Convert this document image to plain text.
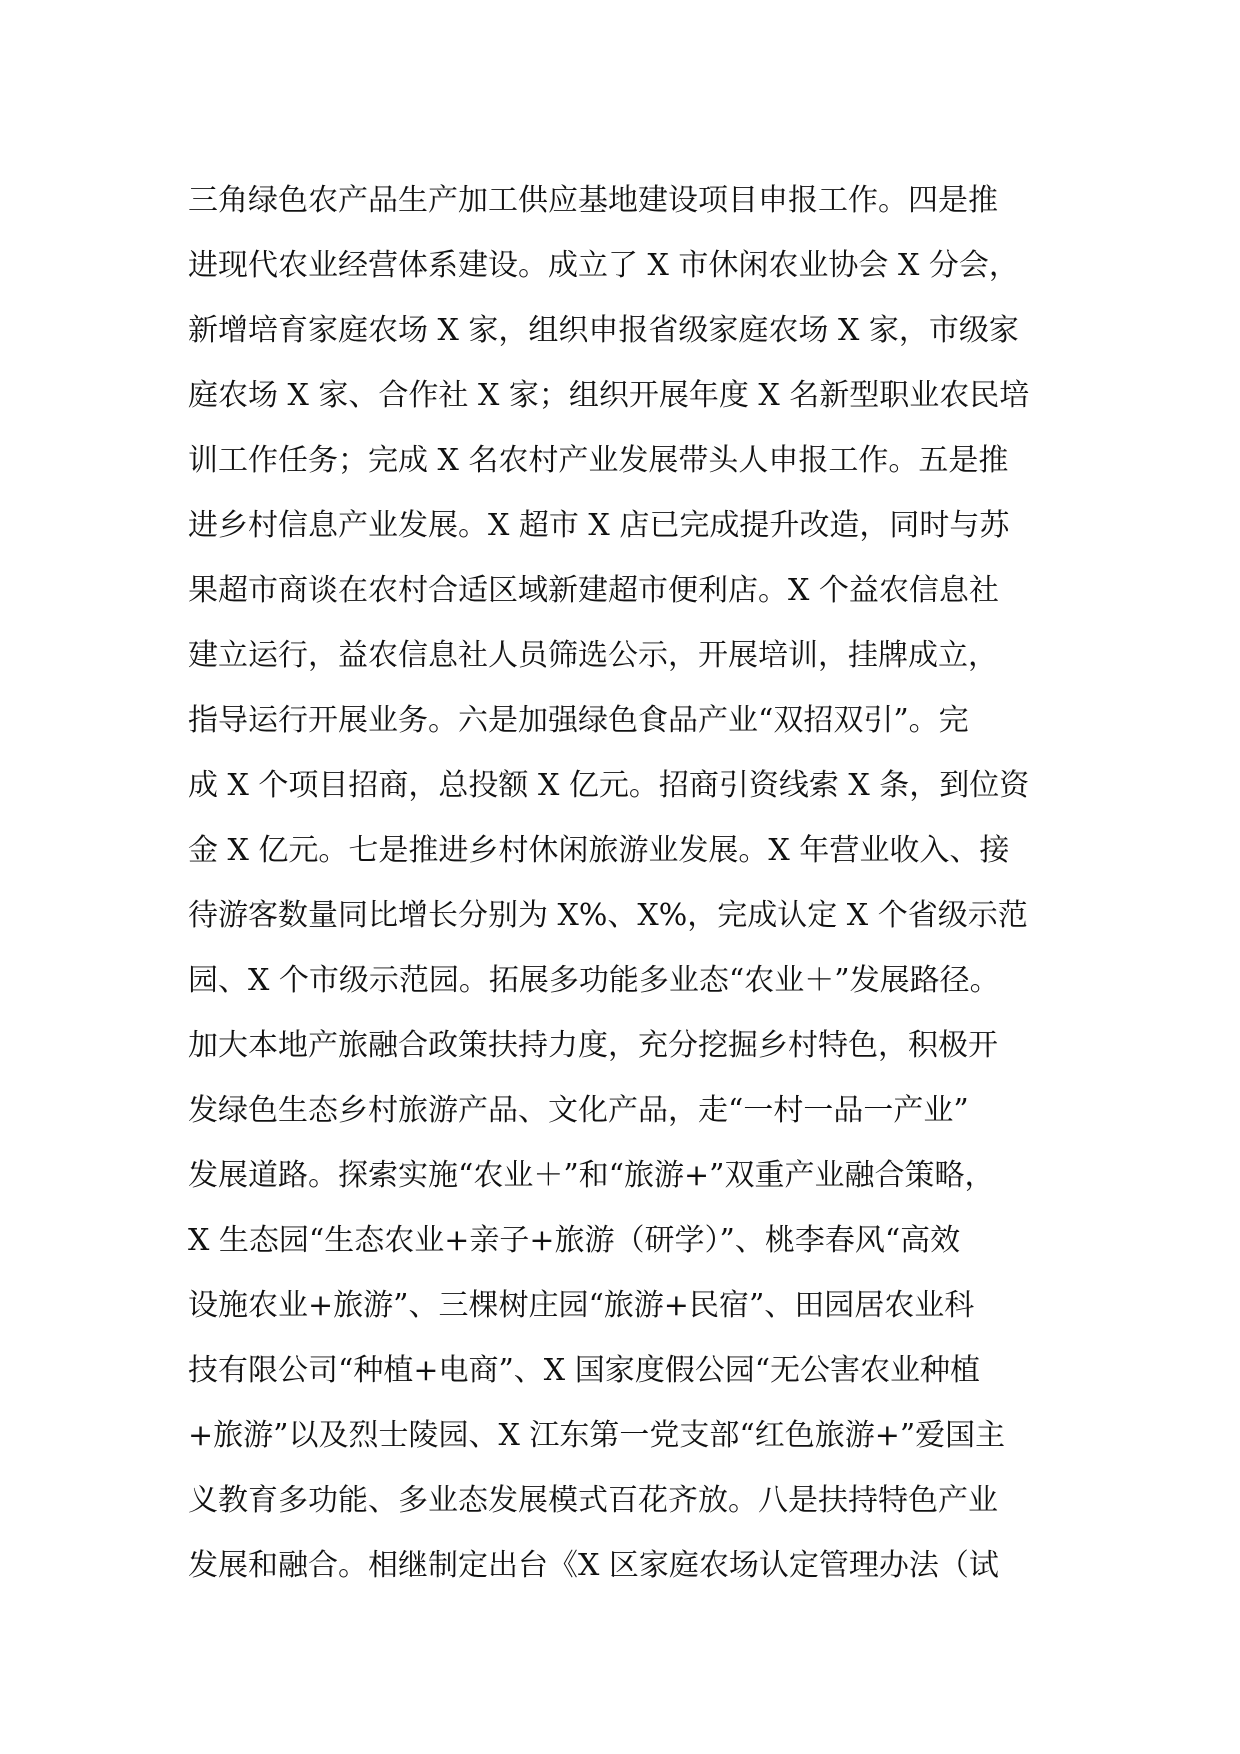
三角绿色农产品生产加工供应基地建设项目申报工作。四是推
进现代农业经营体系建设。成立了 X 市休闲农业协会 X 分会，
新增培育家庭农场 X 家，组织申报省级家庭农场 X 家，市级家
庭农场 X 家、合作社 X 家；组织开展年度 X 名新型职业农民培
训工作任务；完成 X 名农村产业发展带头人申报工作。五是推
进乡村信息产业发展。X 超市 X 店已完成提升改造，同时与苏
果超市商谈在农村合适区域新建超市便利店。X 个益农信息社
建立运行，益农信息社人员筛选公示，开展培训，挂牌成立，
指导运行开展业务。六是加强绿色食品产业“双招双引”。完
成 X 个项目招商，总投额 X 亿元。招商引资线索 X 条，到位资
金 X 亿元。七是推进乡村休闲旅游业发展。X 年营业收入、接
待游客数量同比增长分别为 X%、X%，完成认定 X 个省级示范
园、X 个市级示范园。拓展多功能多业态“农业＋”发展路径。
加大本地产旅融合政策扶持力度，充分挖掘乡村特色，积极开
发绿色生态乡村旅游产品、文化产品，走“一村一品一产业”
发展道路。探索实施“农业＋”和“旅游+”双重产业融合策略，
X 生态园“生态农业+亲子+旅游（研学）”、桃李春风“高效
设施农业+旅游”、三棵树庄园“旅游+民宿”、田园居农业科
技有限公司“种植+电商”、X 国家度假公园“无公害农业种植
+旅游”以及烈士陵园、X 江东第一党支部“红色旅游+”爱国主
义教育多功能、多业态发展模式百花齐放。八是扶持特色产业
发展和融合。相继制定出台《X 区家庭农场认定管理办法（试
